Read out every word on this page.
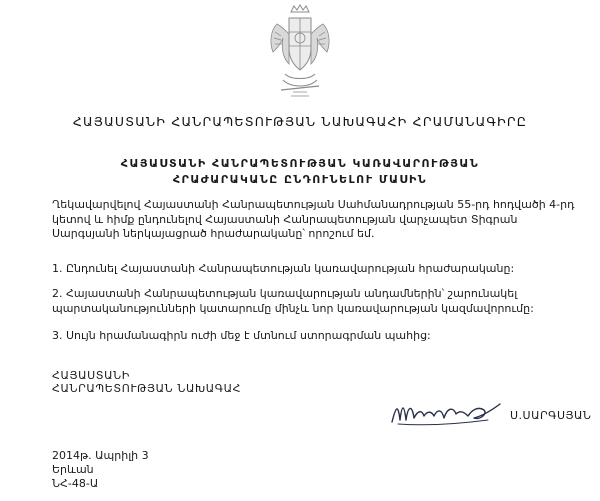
ՀԱՅԱՍՏԱՆԻ ՀԱՆՐԱՊԵՏՈՒԹՅԱՆ ՆԱԽԱԳԱՀԻ ՀՐԱՄԱՆԱԳԻՐԸ
ՀԱՅԱՍՏԱՆԻ ՀԱՆՐԱՊԵՏՈՒԹՅԱՆ ԿԱՌԱՎԱՐՈՒԹՅԱՆ
ՀՐԱԺԱՐԱԿԱՆԸ ԸՆԴՈՒՆԵԼՈՒ ՄԱՍԻՆ
Ղեկավարվելով Հայաստանի Հանրապետության Սահմանադրության 55-րդ հոդվածի 4-րդ
կետով և հիմք ընդունելով Հայաստանի Հանրապետության վարչապետ Տիգրան
Սարգսյանի ներկայացրած հրաժարականը՝ որոշում եմ.
1. Ընդունել Հայաստանի Հանրապետության կառավարության հրաժարականը:
2. Հայաստանի Հանրապետության կառավարության անդամներին՝ շարունակել
պարտականությունների կատարումը մինչև նոր կառավարության կազմավորումը:
3. Սույն հրամանագիրն ուժի մեջ է մտնում ստորագրման պահից:
ՀԱՅԱՍՏԱՆԻ
ՀԱՆՐԱՊԵՏՈՒԹՅԱՆ ՆԱԽԱԳԱՀ
Ս.ՍԱՐԳՍՅԱՆ
2014թ. Ապրիլի 3
Երևան
ՆՀ-48-Ա
